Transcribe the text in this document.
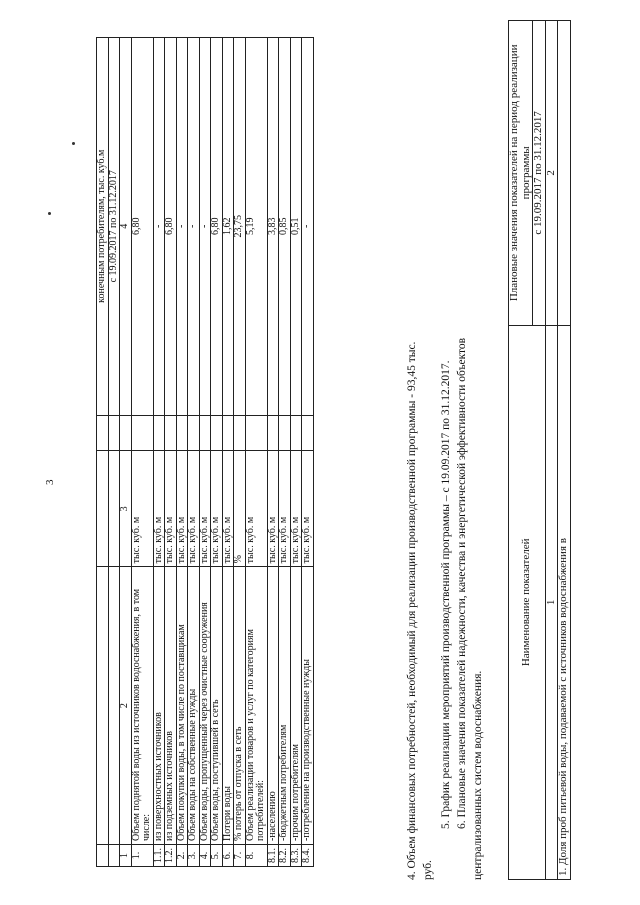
3
				конечным потребителям, тыс. куб.м
				с 19.09.2017 по 31.12.2017
1	2	3		4
1.	Объем поднятой воды из источников водоснабжения, в том числе:	тыс. куб. м		6,80
1.1.	из поверхностных источников	тыс. куб. м		-
1.2.	из подземных источников	тыс. куб. м		6,80
2.	Объем покупки воды, в том числе по поставщикам	тыс. куб. м		-
3.	Объем воды на собственные нужды	тыс. куб. м		-
4.	Объем воды, пропущенный через очистные сооружения	тыс. куб. м		-
5.	Объем воды, поступившей в сеть	тыс. куб. м		6,80
6.	Потери воды	тыс. куб. м		1,62
7.	% потерь от отпуска в сеть	%		23,75
8.	Объем реализации товаров и услуг по категориям потребителей:	тыс. куб. м		5,19
8.1.	-населению	тыс. куб. м		3,83
8.2.	-бюджетным потребителям	тыс. куб. м		0,85
8.3.	-прочим потребителям	тыс. куб. м		0,51
8.4.	-потребление на производственные нужды	тыс. куб. м		-
4. Объем финансовых потребностей, необходимый для реализации производственной программы - 93,45 тыс. руб.
5. График реализации мероприятий производственной программы – с 19.09.2017 по 31.12.2017. 6. Плановые значения показателей надежности, качества и энергетической эффективности объектов централизованных систем водоснабжения.
Наименование показателей	Плановые значения показателей на период реализации программы
	с 19.09.2017 по 31.12.2017
1	2
1. Доля проб питьевой воды, подаваемой с источников водоснабжения в	
